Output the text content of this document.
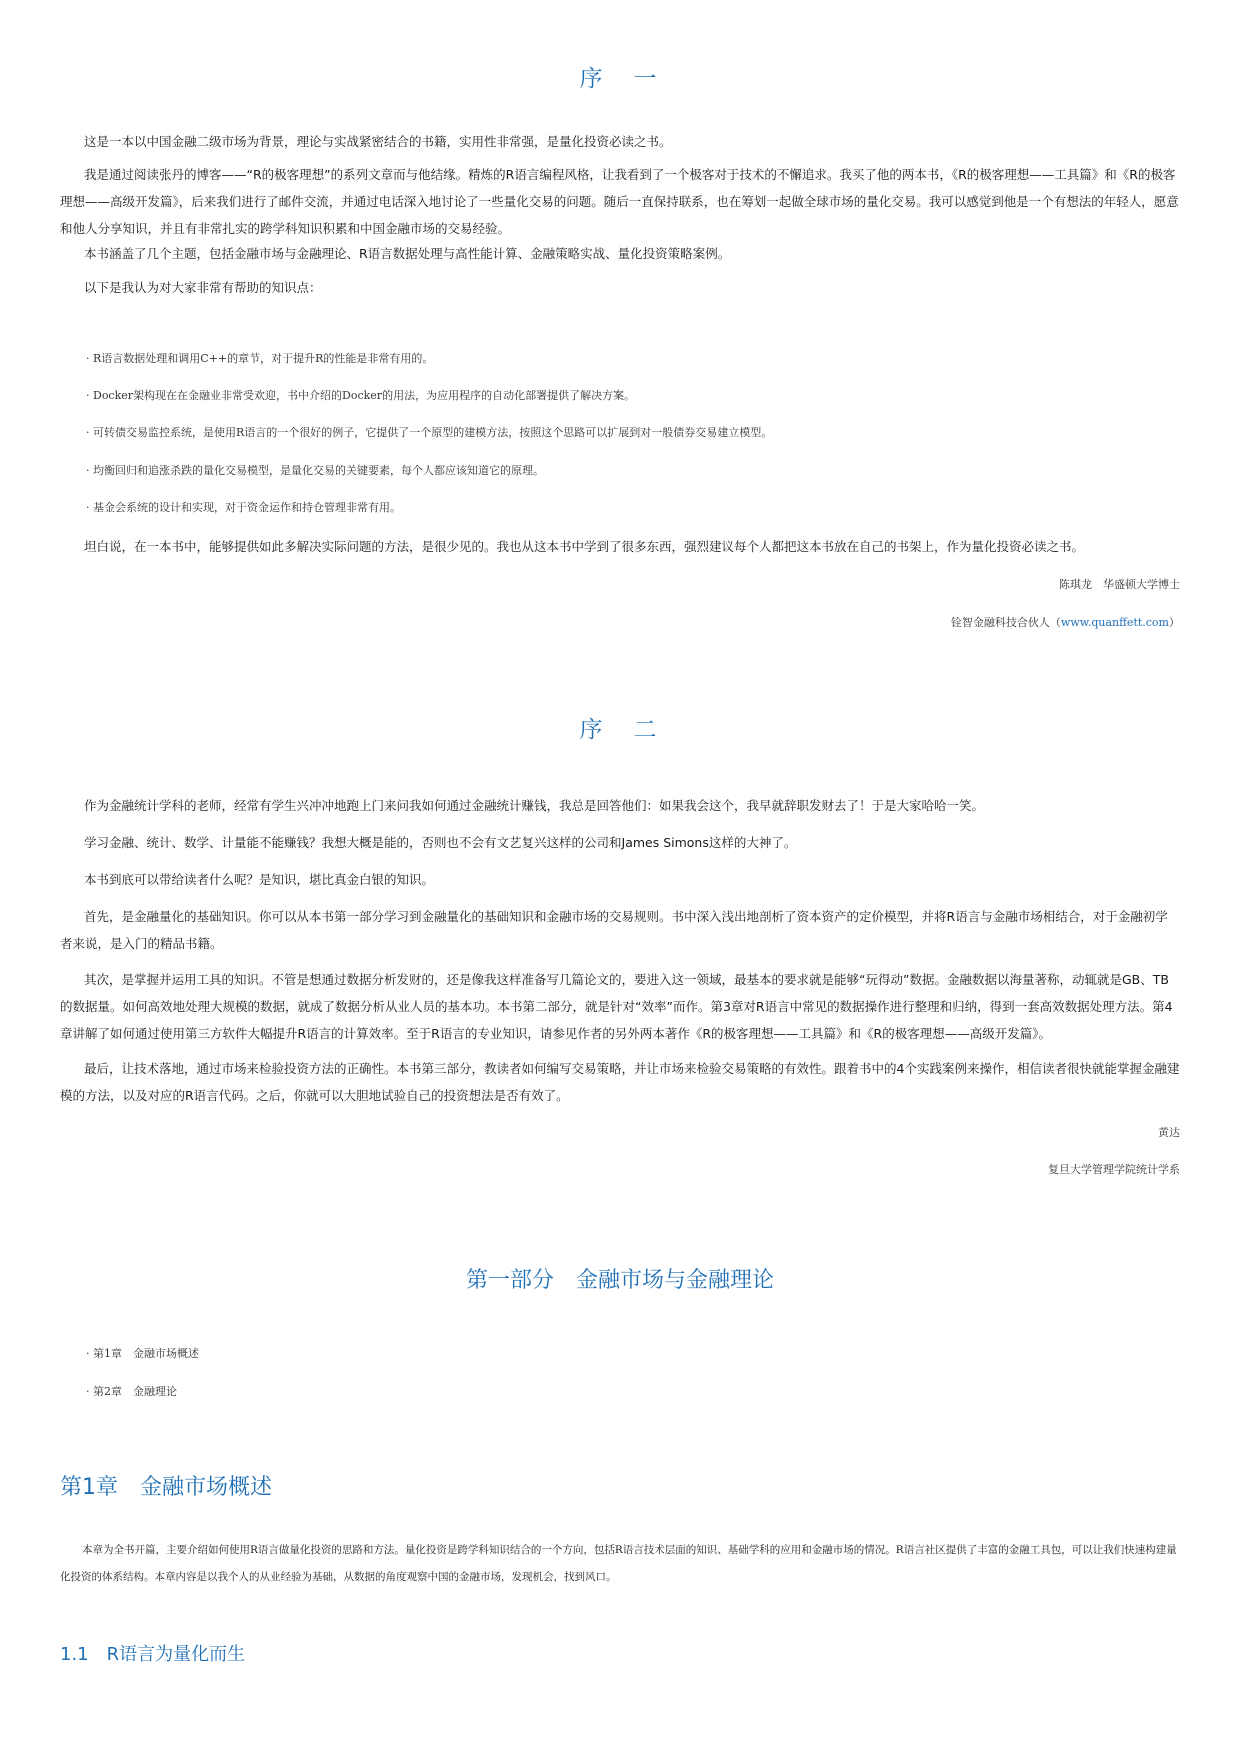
序　一

这是一本以中国金融二级市场为背景，理论与实战紧密结合的书籍，实用性非常强，是量化投资必读之书。

我是通过阅读张丹的博客——“R的极客理想”的系列文章而与他结缘。精炼的R语言编程风格，让我看到了一个极客对于技术的不懈追求。我买了他的两本书，《R的极客理想——工具篇》和《R的极客理想——高级开发篇》，后来我们进行了邮件交流，并通过电话深入地讨论了一些量化交易的问题。随后一直保持联系，也在筹划一起做全球市场的量化交易。我可以感觉到他是一个有想法的年轻人，愿意和他人分享知识，并且有非常扎实的跨学科知识积累和中国金融市场的交易经验。

本书涵盖了几个主题，包括金融市场与金融理论、R语言数据处理与高性能计算、金融策略实战、量化投资策略案例。

以下是我认为对大家非常有帮助的知识点：

· R语言数据处理和调用C++的章节，对于提升R的性能是非常有用的。

· Docker架构现在在金融业非常受欢迎，书中介绍的Docker的用法，为应用程序的自动化部署提供了解决方案。

· 可转债交易监控系统，是使用R语言的一个很好的例子，它提供了一个原型的建模方法，按照这个思路可以扩展到对一般债券交易建立模型。

· 均衡回归和追涨杀跌的量化交易模型，是量化交易的关键要素，每个人都应该知道它的原理。

· 基金会系统的设计和实现，对于资金运作和持仓管理非常有用。

坦白说，在一本书中，能够提供如此多解决实际问题的方法，是很少见的。我也从这本书中学到了很多东西，强烈建议每个人都把这本书放在自己的书架上，作为量化投资必读之书。

陈琪龙　华盛顿大学博士

铨智金融科技合伙人（www.quanffett.com）

序　二

作为金融统计学科的老师，经常有学生兴冲冲地跑上门来问我如何通过金融统计赚钱，我总是回答他们：如果我会这个，我早就辞职发财去了！于是大家哈哈一笑。

学习金融、统计、数学、计量能不能赚钱？我想大概是能的，否则也不会有文艺复兴这样的公司和James Simons这样的大神了。

本书到底可以带给读者什么呢？是知识，堪比真金白银的知识。

首先，是金融量化的基础知识。你可以从本书第一部分学习到金融量化的基础知识和金融市场的交易规则。书中深入浅出地剖析了资本资产的定价模型，并将R语言与金融市场相结合，对于金融初学者来说，是入门的精品书籍。

其次，是掌握并运用工具的知识。不管是想通过数据分析发财的，还是像我这样准备写几篇论文的，要进入这一领域，最基本的要求就是能够“玩得动”数据。金融数据以海量著称，动辄就是GB、TB的数据量。如何高效地处理大规模的数据，就成了数据分析从业人员的基本功。本书第二部分，就是针对“效率”而作。第3章对R语言中常见的数据操作进行整理和归纳，得到一套高效数据处理方法。第4章讲解了如何通过使用第三方软件大幅提升R语言的计算效率。至于R语言的专业知识，请参见作者的另外两本著作《R的极客理想——工具篇》和《R的极客理想——高级开发篇》。

最后，让技术落地，通过市场来检验投资方法的正确性。本书第三部分，教读者如何编写交易策略，并让市场来检验交易策略的有效性。跟着书中的4个实践案例来操作，相信读者很快就能掌握金融建模的方法，以及对应的R语言代码。之后，你就可以大胆地试验自己的投资想法是否有效了。

黄达

复旦大学管理学院统计学系

第一部分　金融市场与金融理论

· 第1章　金融市场概述

· 第2章　金融理论

第1章　金融市场概述

本章为全书开篇，主要介绍如何使用R语言做量化投资的思路和方法。量化投资是跨学科知识结合的一个方向，包括R语言技术层面的知识、基础学科的应用和金融市场的情况。R语言社区提供了丰富的金融工具包，可以让我们快速构建量化投资的体系结构。本章内容是以我个人的从业经验为基础，从数据的角度观察中国的金融市场，发现机会，找到风口。

1.1　R语言为量化而生
